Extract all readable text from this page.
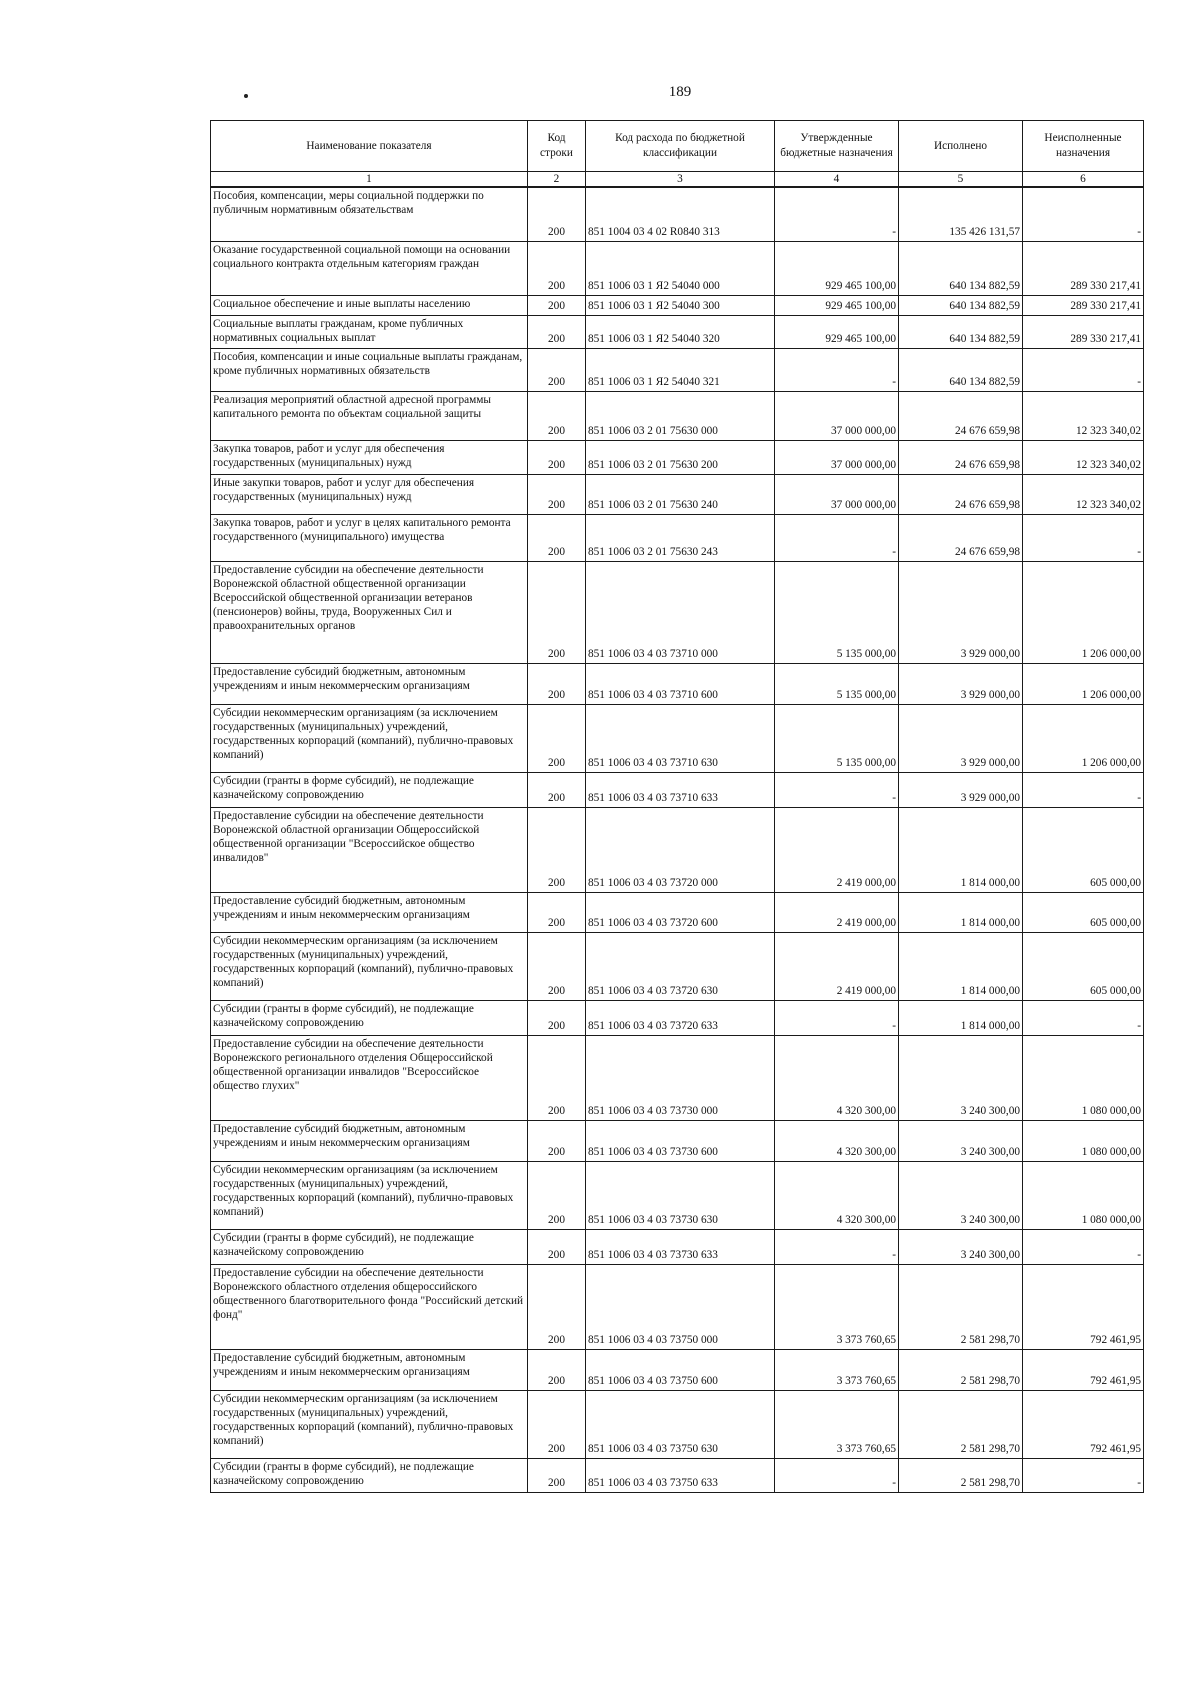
189
Наименование показателя	Код строки	Код расхода по бюджетной классификации	Утвержденные бюджетные назначения	Исполнено	Неисполненные назначения
1	2	3	4	5	6
Пособия, компенсации, меры социальной поддержки по публичным нормативным обязательствам	200	851 1004 03 4 02 R0840 313	-	135 426 131,57	-
Оказание государственной социальной помощи на основании социального контракта отдельным категориям граждан	200	851 1006 03 1 Я2 54040 000	929 465 100,00	640 134 882,59	289 330 217,41
Социальное обеспечение и иные выплаты населению	200	851 1006 03 1 Я2 54040 300	929 465 100,00	640 134 882,59	289 330 217,41
Социальные выплаты гражданам, кроме публичных нормативных социальных выплат	200	851 1006 03 1 Я2 54040 320	929 465 100,00	640 134 882,59	289 330 217,41
Пособия, компенсации и иные социальные выплаты гражданам, кроме публичных нормативных обязательств	200	851 1006 03 1 Я2 54040 321	-	640 134 882,59	-
Реализация мероприятий областной адресной программы капитального ремонта по объектам социальной защиты	200	851 1006 03 2 01 75630 000	37 000 000,00	24 676 659,98	12 323 340,02
Закупка товаров, работ и услуг для обеспечения государственных (муниципальных) нужд	200	851 1006 03 2 01 75630 200	37 000 000,00	24 676 659,98	12 323 340,02
Иные закупки товаров, работ и услуг для обеспечения государственных (муниципальных) нужд	200	851 1006 03 2 01 75630 240	37 000 000,00	24 676 659,98	12 323 340,02
Закупка товаров, работ и услуг в целях капитального ремонта государственного (муниципального) имущества	200	851 1006 03 2 01 75630 243	-	24 676 659,98	-
Предоставление субсидии на обеспечение деятельности Воронежской областной общественной организации Всероссийской общественной организации ветеранов (пенсионеров) войны, труда, Вооруженных Сил и правоохранительных органов	200	851 1006 03 4 03 73710 000	5 135 000,00	3 929 000,00	1 206 000,00
Предоставление субсидий бюджетным, автономным учреждениям и иным некоммерческим организациям	200	851 1006 03 4 03 73710 600	5 135 000,00	3 929 000,00	1 206 000,00
Субсидии некоммерческим организациям (за исключением государственных (муниципальных) учреждений, государственных корпораций (компаний), публично-правовых компаний)	200	851 1006 03 4 03 73710 630	5 135 000,00	3 929 000,00	1 206 000,00
Субсидии (гранты в форме субсидий), не подлежащие казначейскому сопровождению	200	851 1006 03 4 03 73710 633	-	3 929 000,00	-
Предоставление субсидии на обеспечение деятельности Воронежской областной организации Общероссийской общественной организации "Всероссийское общество инвалидов"	200	851 1006 03 4 03 73720 000	2 419 000,00	1 814 000,00	605 000,00
Предоставление субсидий бюджетным, автономным учреждениям и иным некоммерческим организациям	200	851 1006 03 4 03 73720 600	2 419 000,00	1 814 000,00	605 000,00
Субсидии некоммерческим организациям (за исключением государственных (муниципальных) учреждений, государственных корпораций (компаний), публично-правовых компаний)	200	851 1006 03 4 03 73720 630	2 419 000,00	1 814 000,00	605 000,00
Субсидии (гранты в форме субсидий), не подлежащие казначейскому сопровождению	200	851 1006 03 4 03 73720 633	-	1 814 000,00	-
Предоставление субсидии на обеспечение деятельности Воронежского регионального отделения Общероссийской общественной организации инвалидов "Всероссийское общество глухих"	200	851 1006 03 4 03 73730 000	4 320 300,00	3 240 300,00	1 080 000,00
Предоставление субсидий бюджетным, автономным учреждениям и иным некоммерческим организациям	200	851 1006 03 4 03 73730 600	4 320 300,00	3 240 300,00	1 080 000,00
Субсидии некоммерческим организациям (за исключением государственных (муниципальных) учреждений, государственных корпораций (компаний), публично-правовых компаний)	200	851 1006 03 4 03 73730 630	4 320 300,00	3 240 300,00	1 080 000,00
Субсидии (гранты в форме субсидий), не подлежащие казначейскому сопровождению	200	851 1006 03 4 03 73730 633	-	3 240 300,00	-
Предоставление субсидии на обеспечение деятельности Воронежского областного отделения общероссийского общественного благотворительного фонда "Российский детский фонд"	200	851 1006 03 4 03 73750 000	3 373 760,65	2 581 298,70	792 461,95
Предоставление субсидий бюджетным, автономным учреждениям и иным некоммерческим организациям	200	851 1006 03 4 03 73750 600	3 373 760,65	2 581 298,70	792 461,95
Субсидии некоммерческим организациям (за исключением государственных (муниципальных) учреждений, государственных корпораций (компаний), публично-правовых компаний)	200	851 1006 03 4 03 73750 630	3 373 760,65	2 581 298,70	792 461,95
Субсидии (гранты в форме субсидий), не подлежащие казначейскому сопровождению	200	851 1006 03 4 03 73750 633	-	2 581 298,70	-
